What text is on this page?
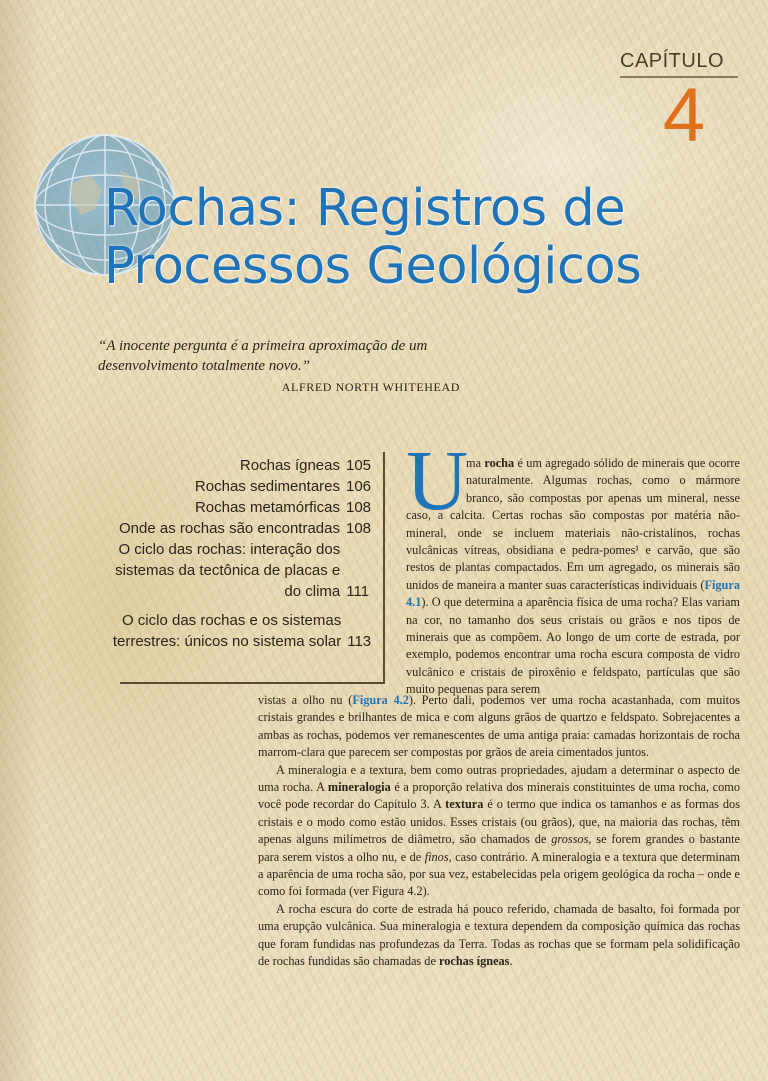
CAPÍTULO
4
Rochas: Registros de
Processos Geológicos
“A inocente pergunta é a primeira aproximação de um desenvolvimento totalmente novo.”
ALFRED NORTH WHITEHEAD
Rochas ígneas 105
Rochas sedimentares 106
Rochas metamórficas 108
Onde as rochas são encontradas 108
O ciclo das rochas: interação dos sistemas da tectônica de placas e do clima 111
O ciclo das rochas e os sistemas terrestres: únicos no sistema solar 113
U
ma rocha é um agregado sólido de minerais que ocorre naturalmente. Algumas rochas, como o mármore branco, são compostas por apenas um mineral, nesse caso, a calcita. Certas rochas são compostas por matéria não-mineral, onde se incluem materiais não-cristalinos, rochas vulcânicas vítreas, obsidiana e pedra-pomes¹ e carvão, que são restos de plantas compactados. Em um agregado, os minerais são unidos de maneira a manter suas características individuais (Figura 4.1). O que determina a aparência física de uma rocha? Elas variam na cor, no tamanho dos seus cristais ou grãos e nos tipos de minerais que as compõem. Ao longo de um corte de estrada, por exemplo, podemos encontrar uma rocha escura composta de vidro vulcânico e cristais de piroxênio e feldspato, partículas que são muito pequenas para serem

vistas a olho nu (Figura 4.2). Perto dali, podemos ver uma rocha acastanhada, com muitos cristais grandes e brilhantes de mica e com alguns grãos de quartzo e feldspato. Sobrejacentes a ambas as rochas, podemos ver remanescentes de uma antiga praia: camadas horizontais de rocha marrom-clara que parecem ser compostas por grãos de areia cimentados juntos.

A mineralogia e a textura, bem como outras propriedades, ajudam a determinar o aspecto de uma rocha. A mineralogia é a proporção relativa dos minerais constituintes de uma rocha, como você pode recordar do Capítulo 3. A textura é o termo que indica os tamanhos e as formas dos cristais e o modo como estão unidos. Esses cristais (ou grãos), que, na maioria das rochas, têm apenas alguns milímetros de diâmetro, são chamados de grossos, se forem grandes o bastante para serem vistos a olho nu, e de finos, caso contrário. A mineralogia e a textura que determinam a aparência de uma rocha são, por sua vez, estabelecidas pela origem geológica da rocha – onde e como foi formada (ver Figura 4.2).

A rocha escura do corte de estrada há pouco referido, chamada de basalto, foi formada por uma erupção vulcânica. Sua mineralogia e textura dependem da composição química das rochas que foram fundidas nas profundezas da Terra. Todas as rochas que se formam pela solidificação de rochas fundidas são chamadas de rochas ígneas.
